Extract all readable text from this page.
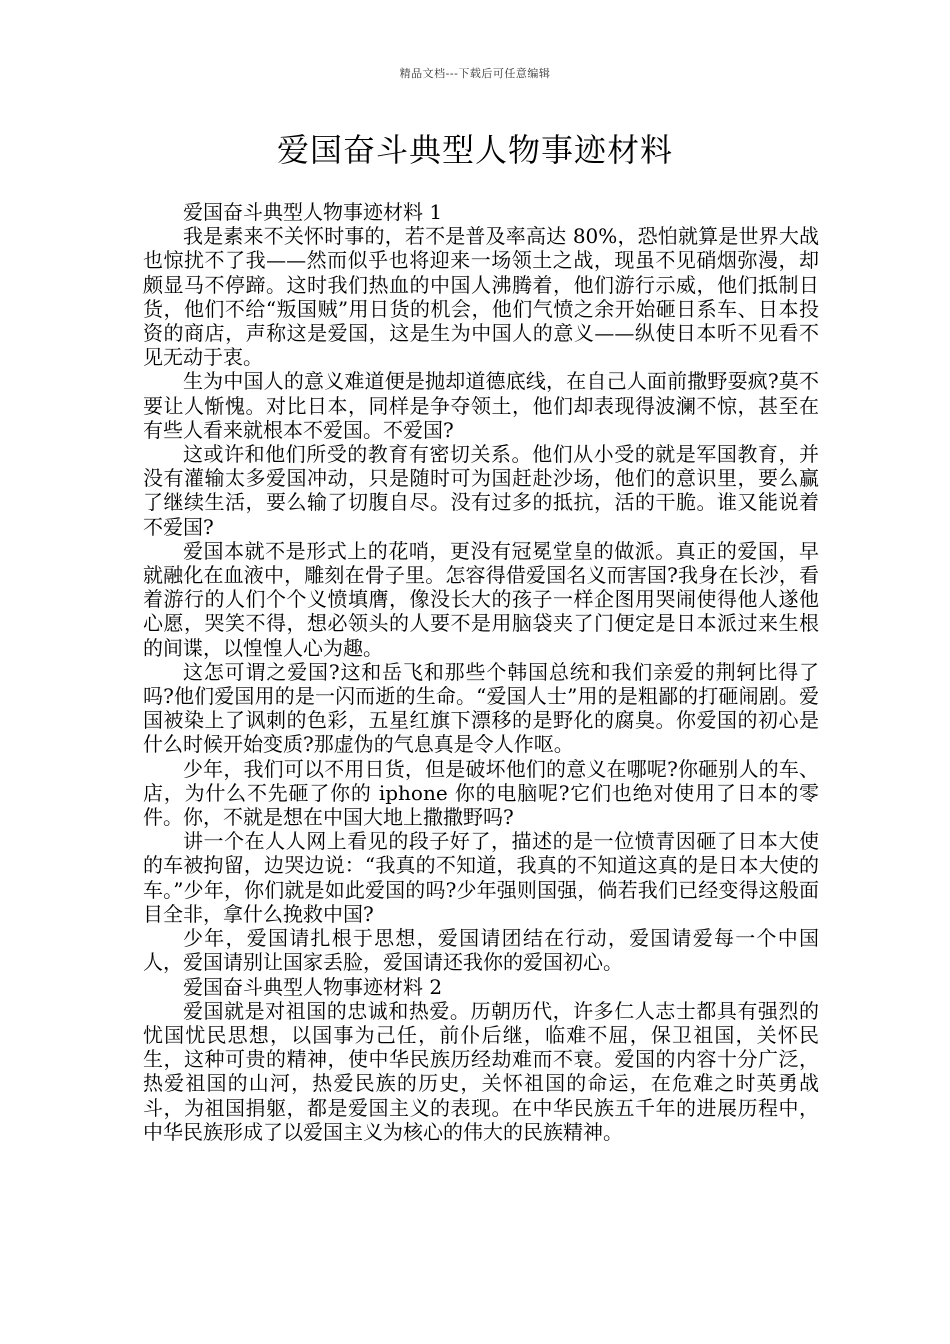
精品文档---下载后可任意编辑
爱国奋斗典型人物事迹材料
爱国奋斗典型人物事迹材料 1

我是素来不关怀时事的，若不是普及率高达 80%，恐怕就算是世界大战也惊扰不了我——然而似乎也将迎来一场领土之战，现虽不见硝烟弥漫，却颇显马不停蹄。这时我们热血的中国人沸腾着，他们游行示威，他们抵制日货，他们不给“叛国贼”用日货的机会，他们气愤之余开始砸日系车、日本投资的商店，声称这是爱国，这是生为中国人的意义——纵使日本听不见看不见无动于衷。

生为中国人的意义难道便是抛却道德底线，在自己人面前撒野耍疯?莫不要让人惭愧。对比日本，同样是争夺领土，他们却表现得波澜不惊，甚至在有些人看来就根本不爱国。不爱国?

这或许和他们所受的教育有密切关系。他们从小受的就是军国教育，并没有灌输太多爱国冲动，只是随时可为国赶赴沙场，他们的意识里，要么赢了继续生活，要么输了切腹自尽。没有过多的抵抗，活的干脆。谁又能说着不爱国?

爱国本就不是形式上的花哨，更没有冠冕堂皇的做派。真正的爱国，早就融化在血液中，雕刻在骨子里。怎容得借爱国名义而害国?我身在长沙，看着游行的人们个个义愤填膺，像没长大的孩子一样企图用哭闹使得他人遂他心愿，哭笑不得，想必领头的人要不是用脑袋夹了门便定是日本派过来生根的间谍，以惶惶人心为趣。

这怎可谓之爱国?这和岳飞和那些个韩国总统和我们亲爱的荆轲比得了吗?他们爱国用的是一闪而逝的生命。“爱国人士”用的是粗鄙的打砸闹剧。爱国被染上了讽刺的色彩，五星红旗下漂移的是野化的腐臭。你爱国的初心是什么时候开始变质?那虚伪的气息真是令人作呕。

少年，我们可以不用日货，但是破坏他们的意义在哪呢?你砸别人的车、店，为什么不先砸了你的 iphone 你的电脑呢?它们也绝对使用了日本的零件。你，不就是想在中国大地上撒撒野吗?

讲一个在人人网上看见的段子好了，描述的是一位愤青因砸了日本大使的车被拘留，边哭边说：“我真的不知道，我真的不知道这真的是日本大使的车。”少年，你们就是如此爱国的吗?少年强则国强，倘若我们已经变得这般面目全非，拿什么挽救中国?

少年，爱国请扎根于思想，爱国请团结在行动，爱国请爱每一个中国人，爱国请别让国家丢脸，爱国请还我你的爱国初心。

爱国奋斗典型人物事迹材料 2

爱国就是对祖国的忠诚和热爱。历朝历代，许多仁人志士都具有强烈的忧国忧民思想，以国事为己任，前仆后继，临难不屈，保卫祖国，关怀民生，这种可贵的精神，使中华民族历经劫难而不衰。爱国的内容十分广泛，热爱祖国的山河，热爱民族的历史，关怀祖国的命运，在危难之时英勇战斗，为祖国捐躯，都是爱国主义的表现。在中华民族五千年的进展历程中，中华民族形成了以爱国主义为核心的伟大的民族精神。
